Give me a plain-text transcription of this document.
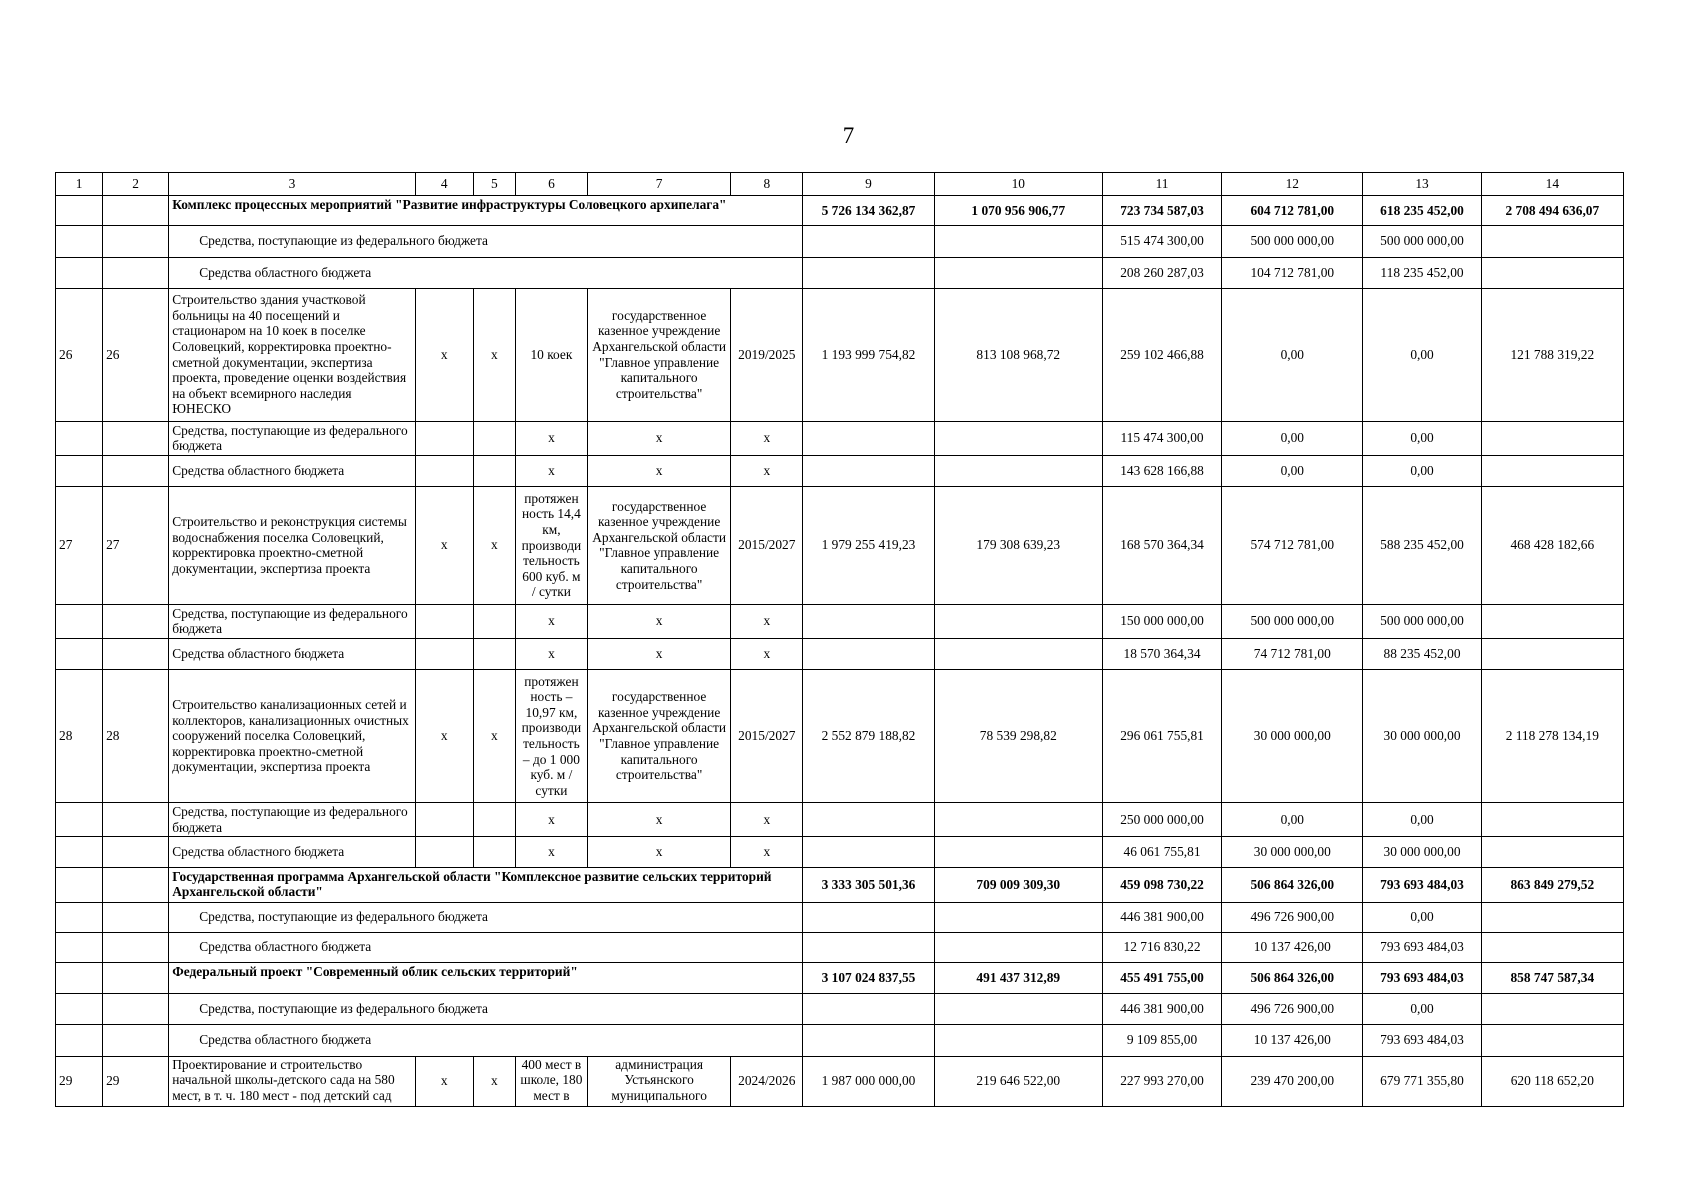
7
1	2	3	4	5	6	7	8	9	10	11	12	13	14
		Комплекс процессных мероприятий "Развитие инфраструктуры Соловецкого архипелага"						5 726 134 362,87	1 070 956 906,77	723 734 587,03	604 712 781,00	618 235 452,00	2 708 494 636,07
		Средства, поступающие из федерального бюджета								515 474 300,00	500 000 000,00	500 000 000,00	
		Средства областного бюджета								208 260 287,03	104 712 781,00	118 235 452,00	
26	26	Строительство здания участковой больницы на 40 посещений и стационаром на 10 коек в поселке Соловецкий, корректировка проектно-сметной документации, экспертиза проекта, проведение оценки воздействия на объект всемирного наследия ЮНЕСКО	х	х	10 коек	государственное казенное учреждение Архангельской области "Главное управление капитального строительства"	2019/2025	1 193 999 754,82	813 108 968,72	259 102 466,88	0,00	0,00	121 788 319,22
		Средства, поступающие из федерального бюджета			х	х	х			115 474 300,00	0,00	0,00	
		Средства областного бюджета			х	х	х			143 628 166,88	0,00	0,00	
27	27	Строительство и реконструкция системы водоснабжения поселка Соловецкий, корректировка проектно-сметной документации, экспертиза проекта	х	х	протяжен ность 14,4 км, производи тельность 600 куб. м / сутки	государственное казенное учреждение Архангельской области "Главное управление капитального строительства"	2015/2027	1 979 255 419,23	179 308 639,23	168 570 364,34	574 712 781,00	588 235 452,00	468 428 182,66
		Средства, поступающие из федерального бюджета			х	х	х			150 000 000,00	500 000 000,00	500 000 000,00	
		Средства областного бюджета			х	х	х			18 570 364,34	74 712 781,00	88 235 452,00	
28	28	Строительство канализационных сетей и коллекторов, канализационных очистных сооружений поселка Соловецкий, корректировка проектно-сметной документации, экспертиза проекта	х	х	протяжен ность – 10,97 км, производи тельность – до 1 000 куб. м / сутки	государственное казенное учреждение Архангельской области "Главное управление капитального строительства"	2015/2027	2 552 879 188,82	78 539 298,82	296 061 755,81	30 000 000,00	30 000 000,00	2 118 278 134,19
		Средства, поступающие из федерального бюджета			х	х	х			250 000 000,00	0,00	0,00	
		Средства областного бюджета			х	х	х			46 061 755,81	30 000 000,00	30 000 000,00	
		Государственная программа Архангельской области "Комплексное развитие сельских территорий Архангельской области"						3 333 305 501,36	709 009 309,30	459 098 730,22	506 864 326,00	793 693 484,03	863 849 279,52
		Средства, поступающие из федерального бюджета								446 381 900,00	496 726 900,00	0,00	
		Средства областного бюджета								12 716 830,22	10 137 426,00	793 693 484,03	
		Федеральный проект "Современный облик сельских территорий"						3 107 024 837,55	491 437 312,89	455 491 755,00	506 864 326,00	793 693 484,03	858 747 587,34
		Средства, поступающие из федерального бюджета								446 381 900,00	496 726 900,00	0,00	
		Средства областного бюджета								9 109 855,00	10 137 426,00	793 693 484,03	
29	29	Проектирование и строительство начальной школы-детского сада на 580 мест, в т. ч. 180 мест - под детский сад	х	х	400 мест в школе, 180 мест в	администрация Устьянского муниципального	2024/2026	1 987 000 000,00	219 646 522,00	227 993 270,00	239 470 200,00	679 771 355,80	620 118 652,20
